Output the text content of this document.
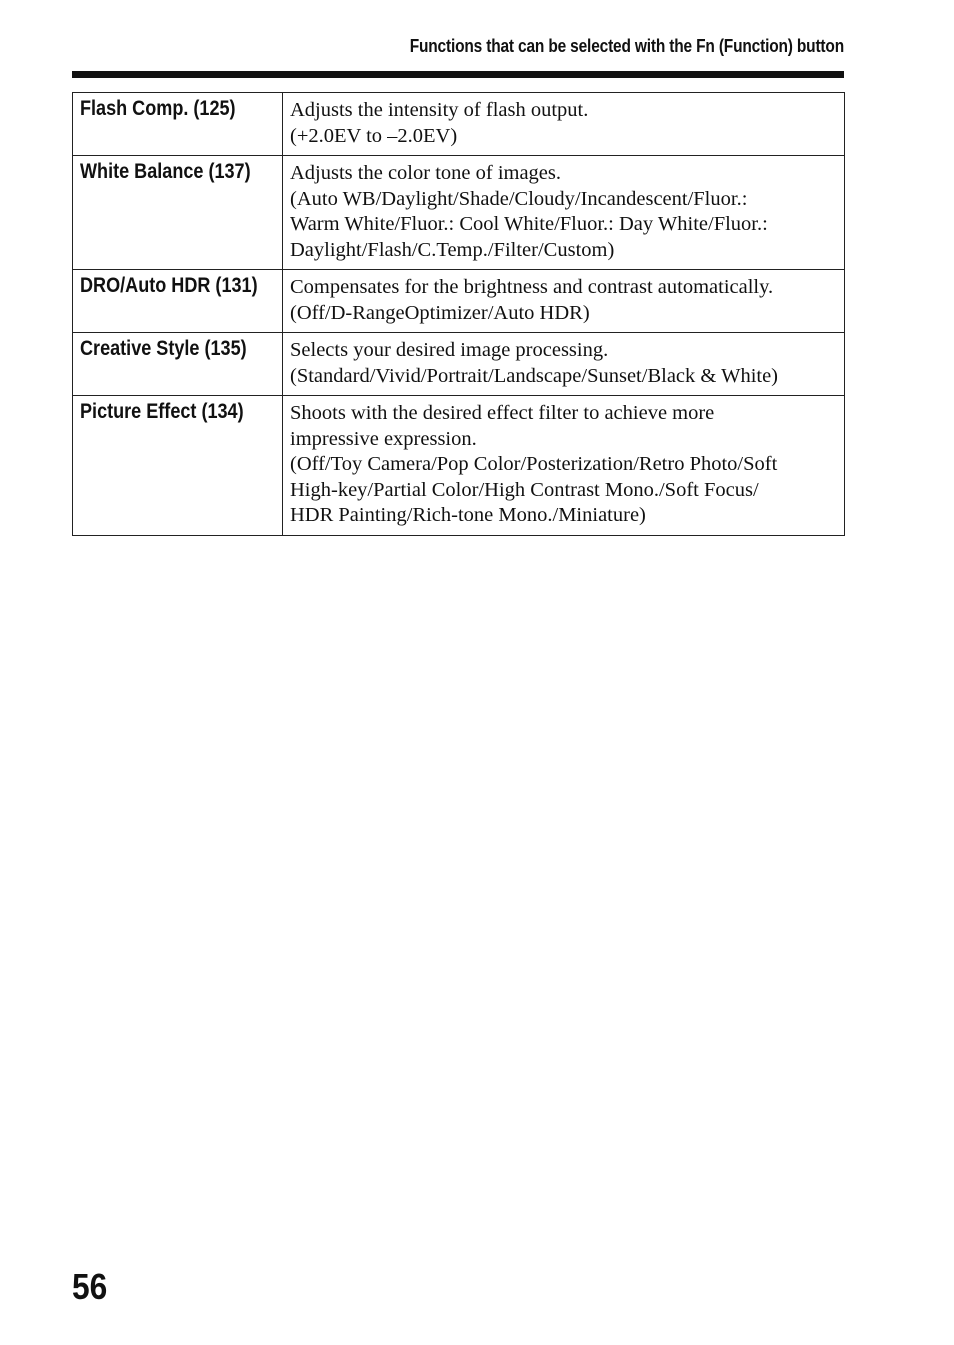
Functions that can be selected with the Fn (Function) button
Flash Comp. (125)	Adjusts the intensity of flash output.
(+2.0EV to –2.0EV)

White Balance (137)	Adjusts the color tone of images.
(Auto WB/Daylight/Shade/Cloudy/Incandescent/Fluor.:
Warm White/Fluor.: Cool White/Fluor.: Day White/Fluor.:
Daylight/Flash/C.Temp./Filter/Custom)

DRO/Auto HDR (131)	Compensates for the brightness and contrast automatically.
(Off/D-RangeOptimizer/Auto HDR)

Creative Style (135)	Selects your desired image processing.
(Standard/Vivid/Portrait/Landscape/Sunset/Black & White)

Picture Effect (134)	Shoots with the desired effect filter to achieve more
impressive expression.
(Off/Toy Camera/Pop Color/Posterization/Retro Photo/Soft
High-key/Partial Color/High Contrast Mono./Soft Focus/
HDR Painting/Rich-tone Mono./Miniature)
56
